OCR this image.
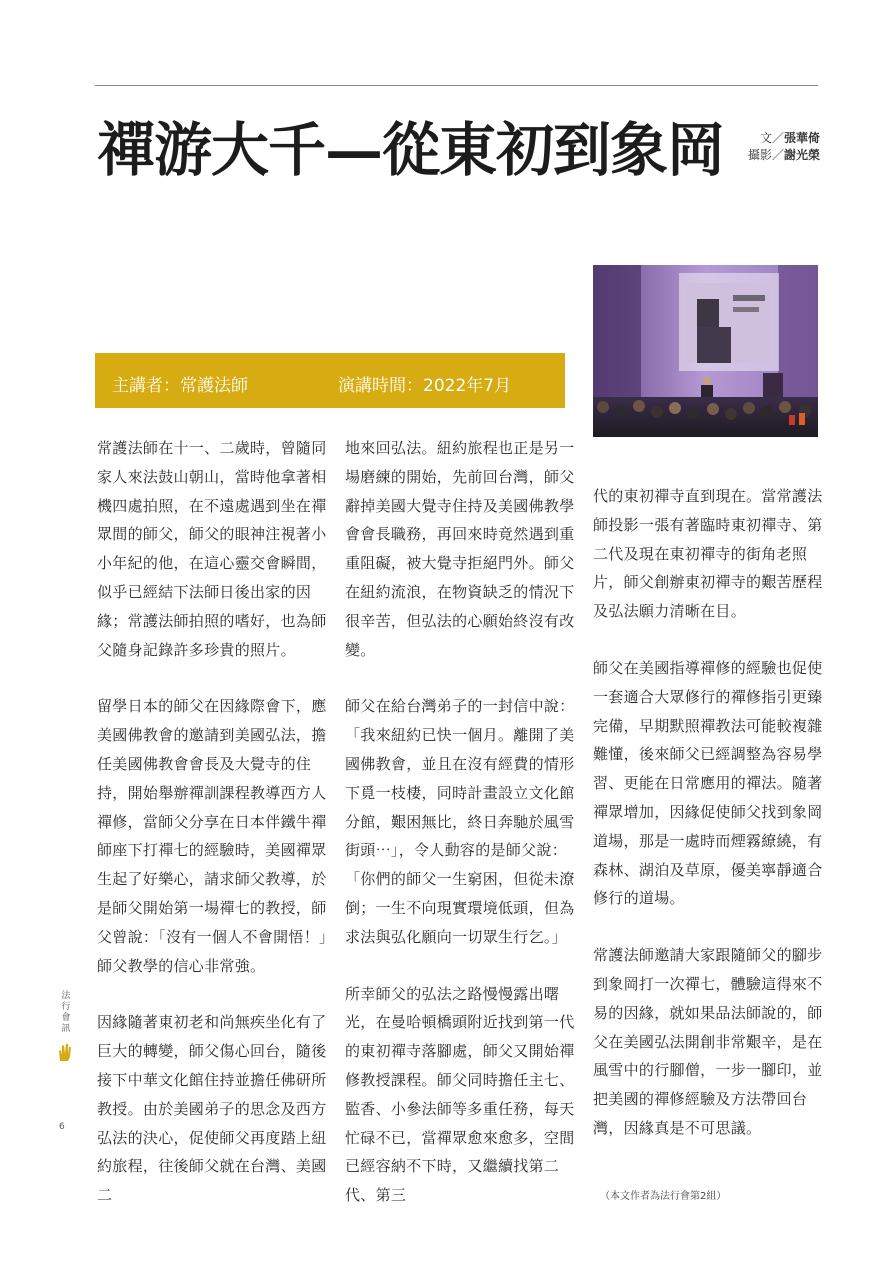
禪游大千—從東初到象岡	文／張華倚
攝影／謝光榮
主講者：常護法師	演講時間：2022年7月

常護法師在十一、二歲時，曾隨同家人來法鼓山朝山，當時他拿著相機四處拍照，在不遠處遇到坐在禪眾間的師父，師父的眼神注視著小小年紀的他，在這心靈交會瞬間，似乎已經結下法師日後出家的因緣；常護法師拍照的嗜好，也為師父隨身記錄許多珍貴的照片。

留學日本的師父在因緣際會下，應美國佛教會的邀請到美國弘法，擔任美國佛教會會長及大覺寺的住持，開始舉辦禪訓課程教導西方人禪修，當師父分享在日本伴鐵牛禪師座下打禪七的經驗時，美國禪眾生起了好樂心，請求師父教導，於是師父開始第一場禪七的教授，師父曾說：「沒有一個人不會開悟！」師父教學的信心非常強。

因緣隨著東初老和尚無疾坐化有了巨大的轉變，師父傷心回台，隨後接下中華文化館住持並擔任佛研所教授。由於美國弟子的思念及西方弘法的決心，促使師父再度踏上紐約旅程，往後師父就在台灣、美國二

地來回弘法。紐約旅程也正是另一場磨練的開始，先前回台灣，師父辭掉美國大覺寺住持及美國佛教學會會長職務，再回來時竟然遇到重重阻礙，被大覺寺拒絕門外。師父在紐約流浪，在物資缺乏的情況下很辛苦，但弘法的心願始終沒有改變。

師父在給台灣弟子的一封信中說：「我來紐約已快一個月。離開了美國佛教會，並且在沒有經費的情形下覓一枝棲，同時計畫設立文化館分館，艱困無比，終日奔馳於風雪街頭⋯」，令人動容的是師父說：「你們的師父一生窮困，但從未潦倒；一生不向現實環境低頭，但為求法與弘化願向一切眾生行乞。」

所幸師父的弘法之路慢慢露出曙光，在曼哈頓橋頭附近找到第一代的東初禪寺落腳處，師父又開始禪修教授課程。師父同時擔任主七、監香、小參法師等多重任務，每天忙碌不已，當禪眾愈來愈多，空間已經容納不下時，又繼續找第二代、第三

代的東初禪寺直到現在。當常護法師投影一張有著臨時東初禪寺、第二代及現在東初禪寺的街角老照片，師父創辦東初禪寺的艱苦歷程及弘法願力清晰在目。

師父在美國指導禪修的經驗也促使一套適合大眾修行的禪修指引更臻完備，早期默照禪教法可能較複雜難懂，後來師父已經調整為容易學習、更能在日常應用的禪法。隨著禪眾增加，因緣促使師父找到象岡道場，那是一處時而煙霧繚繞，有森林、湖泊及草原，優美寧靜適合修行的道場。

常護法師邀請大家跟隨師父的腳步到象岡打一次禪七，體驗這得來不易的因緣，就如果品法師說的，師父在美國弘法開創非常艱辛，是在風雪中的行腳僧，一步一腳印，並把美國的禪修經驗及方法帶回台灣，因緣真是不可思議。

（本文作者為法行會第2組）
法行會訊
6
